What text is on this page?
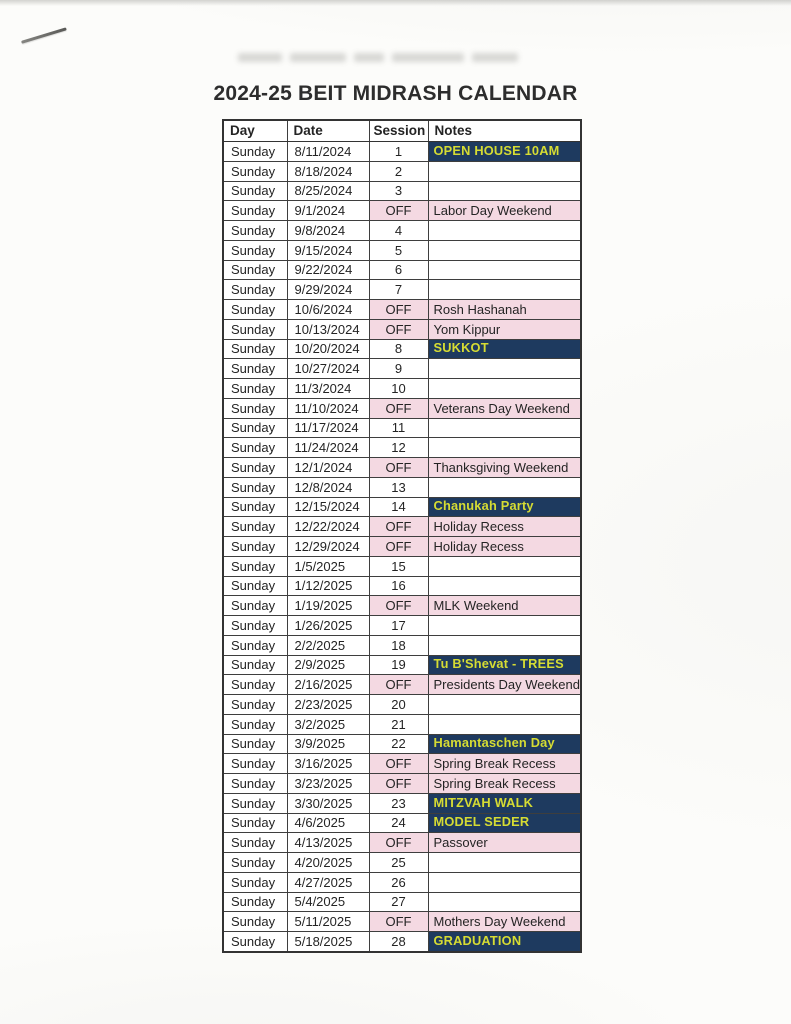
2024-25 BEIT MIDRASH CALENDAR
Day	Date	Session	Notes
Sunday	8/11/2024	1	OPEN HOUSE 10AM
Sunday	8/18/2024	2	
Sunday	8/25/2024	3	
Sunday	9/1/2024	OFF	Labor Day Weekend
Sunday	9/8/2024	4	
Sunday	9/15/2024	5	
Sunday	9/22/2024	6	
Sunday	9/29/2024	7	
Sunday	10/6/2024	OFF	Rosh Hashanah
Sunday	10/13/2024	OFF	Yom Kippur
Sunday	10/20/2024	8	SUKKOT
Sunday	10/27/2024	9	
Sunday	11/3/2024	10	
Sunday	11/10/2024	OFF	Veterans Day Weekend
Sunday	11/17/2024	11	
Sunday	11/24/2024	12	
Sunday	12/1/2024	OFF	Thanksgiving Weekend
Sunday	12/8/2024	13	
Sunday	12/15/2024	14	Chanukah Party
Sunday	12/22/2024	OFF	Holiday Recess
Sunday	12/29/2024	OFF	Holiday Recess
Sunday	1/5/2025	15	
Sunday	1/12/2025	16	
Sunday	1/19/2025	OFF	MLK Weekend
Sunday	1/26/2025	17	
Sunday	2/2/2025	18	
Sunday	2/9/2025	19	Tu B'Shevat - TREES
Sunday	2/16/2025	OFF	Presidents Day Weekend
Sunday	2/23/2025	20	
Sunday	3/2/2025	21	
Sunday	3/9/2025	22	Hamantaschen Day
Sunday	3/16/2025	OFF	Spring Break Recess
Sunday	3/23/2025	OFF	Spring Break Recess
Sunday	3/30/2025	23	MITZVAH WALK
Sunday	4/6/2025	24	MODEL SEDER
Sunday	4/13/2025	OFF	Passover
Sunday	4/20/2025	25	
Sunday	4/27/2025	26	
Sunday	5/4/2025	27	
Sunday	5/11/2025	OFF	Mothers Day Weekend
Sunday	5/18/2025	28	GRADUATION
